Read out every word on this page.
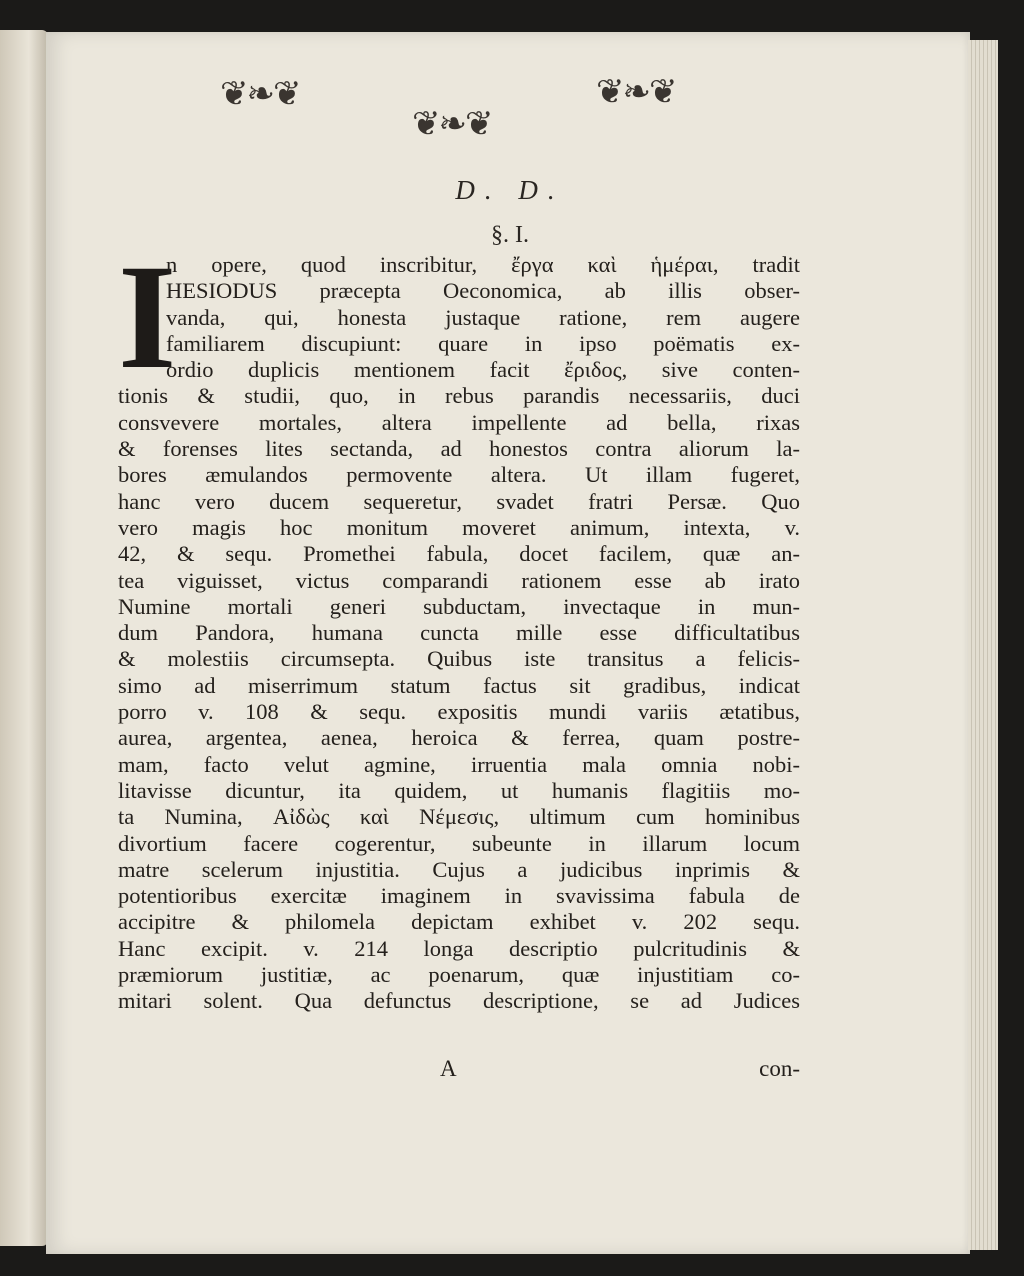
❦❧❦	❦❧❦
❦❧❦
D. D.
§. I.
I
n opere, quod inscribitur, ἔργα καὶ ἡμέραι, tradit
HESIODUS præcepta Oeconomica, ab illis obser-
vanda, qui, honesta justaque ratione, rem augere
familiarem discupiunt: quare in ipso poëmatis ex-
ordio duplicis mentionem facit ἔριδος, sive conten-
tionis & studii, quo, in rebus parandis necessariis, duci
consvevere mortales, altera impellente ad bella, rixas
& forenses lites sectanda, ad honestos contra aliorum la-
bores æmulandos permovente altera. Ut illam fugeret,
hanc vero ducem sequeretur, svadet fratri Persæ. Quo
vero magis hoc monitum moveret animum, intexta, v.
42, & sequ. Promethei fabula, docet facilem, quæ an-
tea viguisset, victus comparandi rationem esse ab irato
Numine mortali generi subductam, invectaque in mun-
dum Pandora, humana cuncta mille esse difficultatibus
& molestiis circumsepta. Quibus iste transitus a felicis-
simo ad miserrimum statum factus sit gradibus, indicat
porro v. 108 & sequ. expositis mundi variis ætatibus,
aurea, argentea, aenea, heroica & ferrea, quam postre-
mam, facto velut agmine, irruentia mala omnia nobi-
litavisse dicuntur, ita quidem, ut humanis flagitiis mo-
ta Numina, Αἰδὼς καὶ Νέμεσις, ultimum cum hominibus
divortium facere cogerentur, subeunte in illarum locum
matre scelerum injustitia. Cujus a judicibus inprimis &
potentioribus exercitæ imaginem in svavissima fabula de
accipitre & philomela depictam exhibet v. 202 sequ.
Hanc excipit. v. 214 longa descriptio pulcritudinis &
præmiorum justitiæ, ac poenarum, quæ injustitiam co-
mitari solent. Qua defunctus descriptione, se ad Judices
A	con-
